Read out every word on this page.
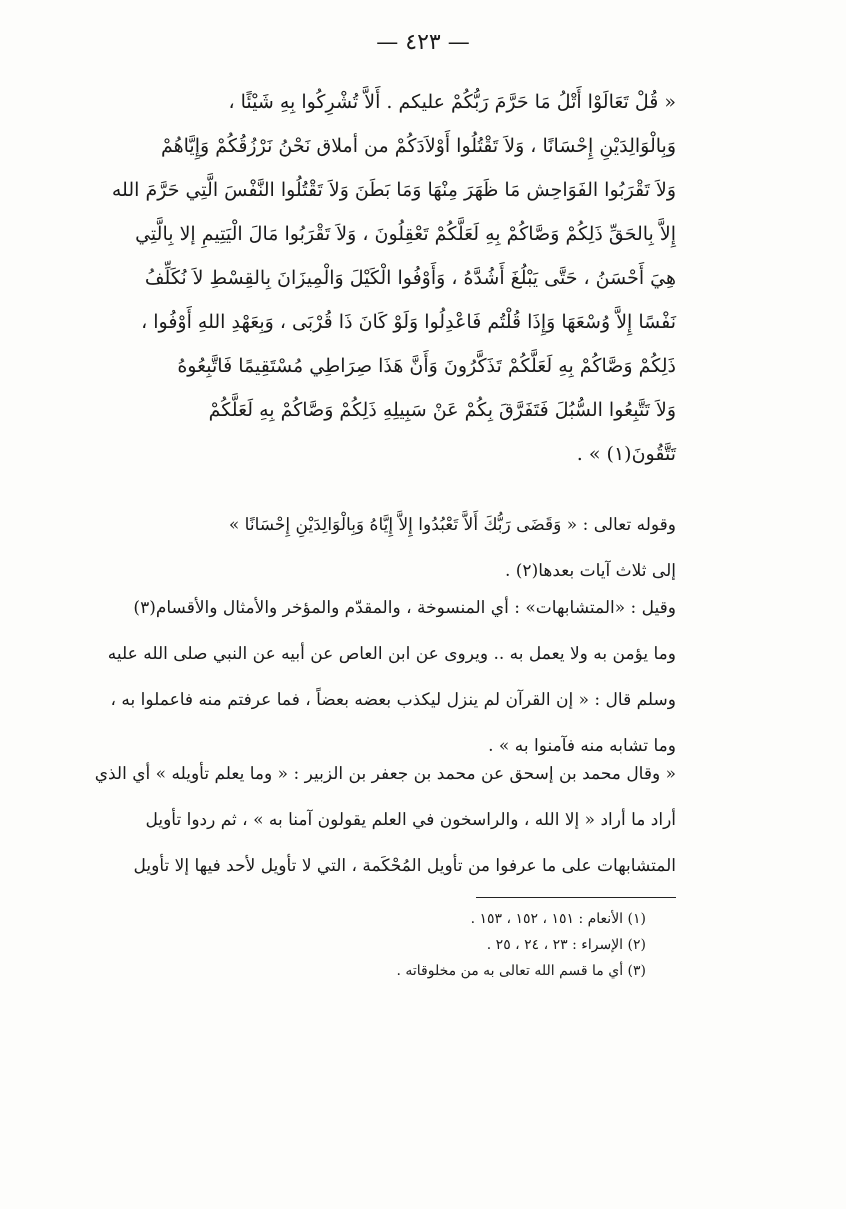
— ٤٢٣ —
« قُلْ تَعَالَوْا أَتْلُ مَا حَرَّمَ رَبُّكُمْ عليكم . أَلاَّ تُشْرِكُوا بِهِ شَيْئًا ،
وَبِالْوَالِدَيْنِ إِحْسَانًا ، وَلاَ تَقْتُلُوا أَوْلاَدَكُمْ من أملاق نَحْنُ نَرْزُقُكُمْ وَإِيَّاهُمْ
وَلاَ تَقْرَبُوا الفَوَاحِش مَا ظَهَرَ مِنْهَا وَمَا بَطَنَ وَلاَ تَقْتُلُوا النَّفْسَ الَّتِي حَرَّمَ الله
إِلاَّ بِالحَقِّ ذَلِكُمْ وَصَّاكُمْ بِهِ لَعَلَّكُمْ تَعْقِلُونَ ، وَلاَ تَقْرَبُوا مَالَ الْيَتِيمِ إلا بِالَّتِي
هِيَ أَحْسَنُ ، حَتَّى يَبْلُغَ أَشُدَّهُ ، وَأَوْفُوا الْكَيْلَ وَالْمِيزَانَ بِالقِسْطِ لاَ نُكَلِّفُ
نَفْسًا إِلاَّ وُسْعَهَا وَإِذَا قُلْتُم فَاعْدِلُوا وَلَوْ كَانَ ذَا قُرْبَى ، وَبِعَهْدِ اللهِ أَوْفُوا ،
ذَلِكُمْ وَصَّاكُمْ بِهِ لَعَلَّكُمْ تَذَكَّرُونَ وَأَنَّ هَذَا صِرَاطِي مُسْتَقِيمًا فَاتَّبِعُوهُ
وَلاَ تَتَّبِعُوا السُّبُلَ فَتَفَرَّقَ بِكُمْ عَنْ سَبِيلِهِ ذَلِكُمْ وَصَّاكُمْ بِهِ لَعَلَّكُمْ
تَتَّقُونَ(١) » .
وقوله تعالى : « وَقَضَى رَبُّكَ أَلاَّ تَعْبُدُوا إِلاَّ إِيَّاهُ وَبِالْوَالِدَيْنِ إِحْسَانًا »
إلى ثلاث آيات بعدها(٢) .
وقيل : «المتشابهات» : أي المنسوخة ، والمقدّم والمؤخر والأمثال والأقسام(٣)
وما يؤمن به ولا يعمل به .. ويروى عن ابن العاص عن أبيه عن النبي صلى الله عليه
وسلم قال : « إن القرآن لم ينزل ليكذب بعضه بعضاً ، فما عرفتم منه فاعملوا به ،
وما تشابه منه فآمنوا به » .
« وقال محمد بن إسحق عن محمد بن جعفر بن الزبير : « وما يعلم تأويله » أي الذي
أراد ما أراد « إلا الله ، والراسخون في العلم يقولون آمنا به » ، ثم ردوا تأويل
المتشابهات على ما عرفوا من تأويل المُحْكَمة ، التي لا تأويل لأحد فيها إلا تأويل
(١) الأنعام : ١٥١ ، ١٥٢ ، ١٥٣ .
(٢) الإسراء : ٢٣ ، ٢٤ ، ٢٥ .
(٣) أي ما قسم الله تعالى به من مخلوقاته .
